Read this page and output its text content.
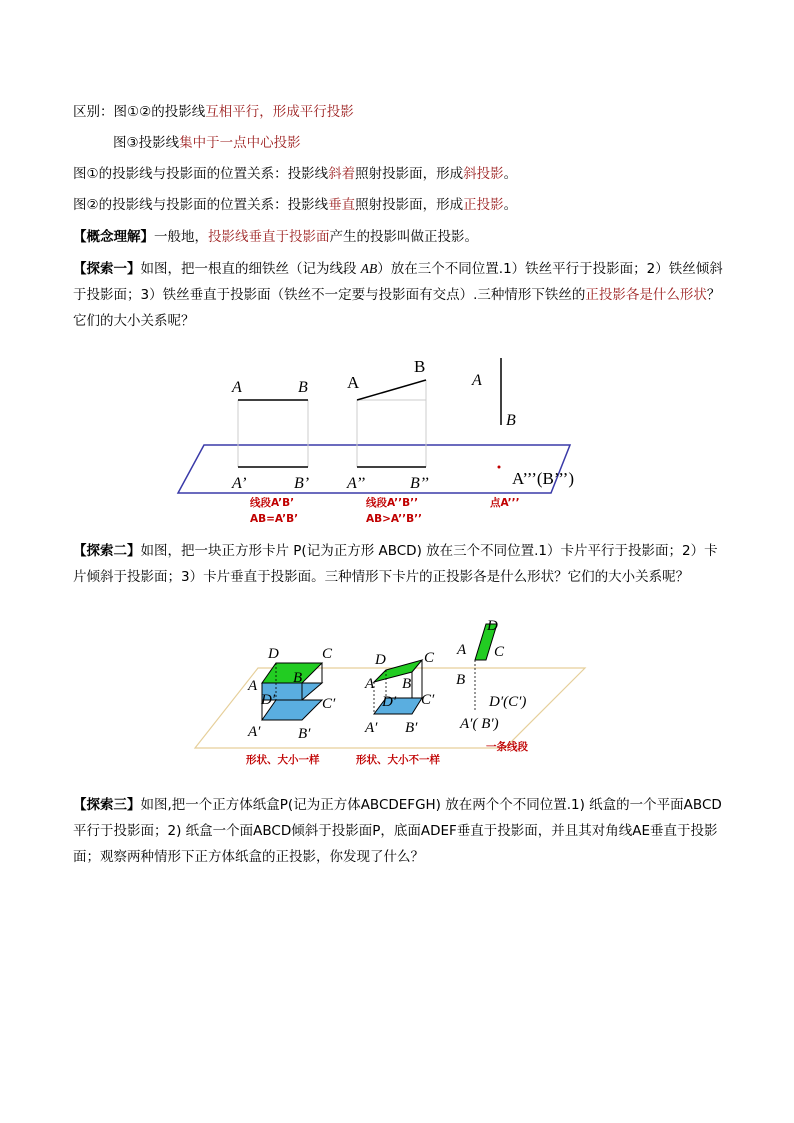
区别：图①②的投影线互相平行，形成平行投影
图③投影线集中于一点中心投影
图①的投影线与投影面的位置关系：投影线斜着照射投影面，形成斜投影。
图②的投影线与投影面的位置关系：投影线垂直照射投影面，形成正投影。
【概念理解】一般地，投影线垂直于投影面产生的投影叫做正投影。
【探索一】如图，把一根直的细铁丝（记为线段 AB）放在三个不同位置.1）铁丝平行于投影面；2）铁丝倾斜于投影面；3）铁丝垂直于投影面（铁丝不一定要与投影面有交点）.三种情形下铁丝的正投影各是什么形状？它们的大小关系呢？
A	B
A’	B’
A
B
A’’	B’’
A
B
A’’’(B’’’)
线段A’B’
AB=A’B’
线段A’’B’’
AB>A’’B’’
点A’’’
【探索二】如图，把一块正方形卡片 P(记为正方形 ABCD) 放在三个不同位置.1）卡片平行于投影面；2）卡片倾斜于投影面；3）卡片垂直于投影面。三种情形下卡片的正投影各是什么形状？它们的大小关系呢？
D	C
A B
D′	C′
A′	B′
D	C
A B
D′ C′
A′ B′
D
A C
B
D′(C′)
A′( B′)
形状、大小一样	形状、大小不一样
一条线段
【探索三】如图,把一个正方体纸盒P(记为正方体ABCDEFGH) 放在两个个不同位置.1) 纸盒的一个平面ABCD平行于投影面；2) 纸盒一个面ABCD倾斜于投影面P，底面ADEF垂直于投影面，并且其对角线AE垂直于投影面；观察两种情形下正方体纸盒的正投影，你发现了什么？
